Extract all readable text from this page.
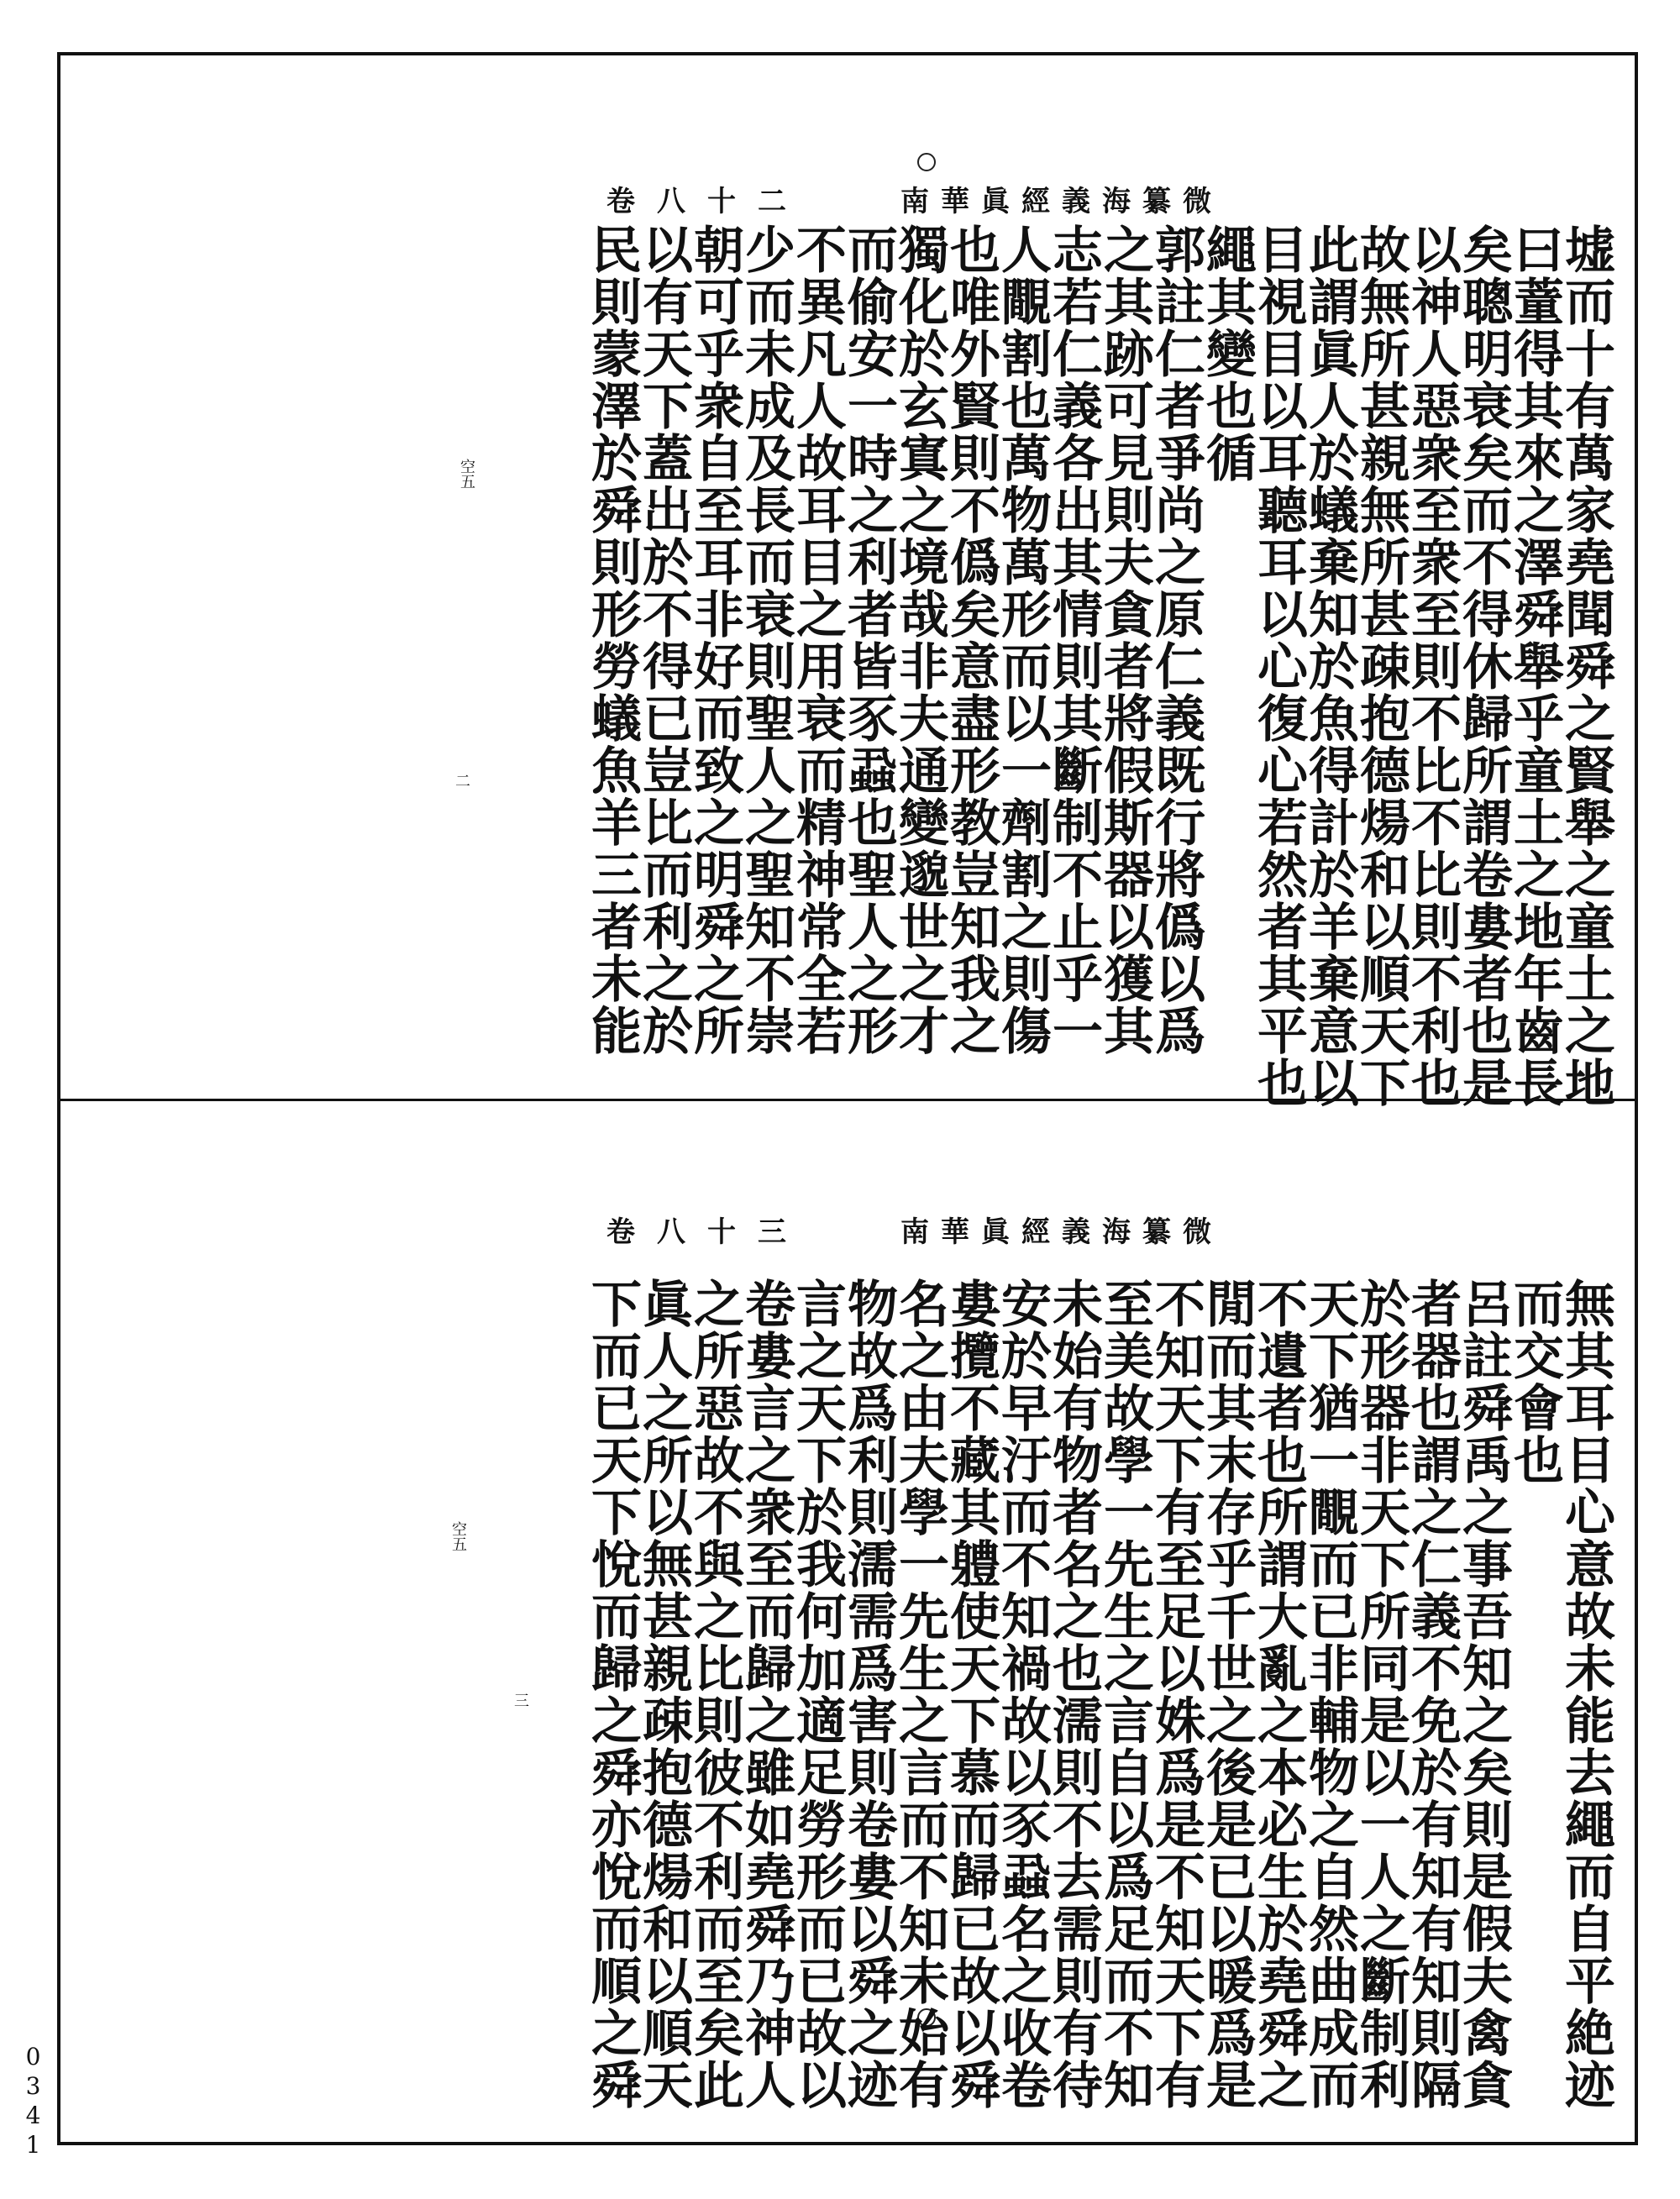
南華眞經義海纂微
卷八十二
墟而十有萬家堯聞舜之賢舉之童土之地
曰蕫得其來之澤舜舉乎童土之地年齒長
矣聰明衰矣而不得休歸所謂卷婁者也是
以神人惡衆至衆至則不比不比則不利也
故無所甚親無所甚疎抱德煬和以順天下
此謂眞人於蟻棄知於魚得計於羊棄意以
目視目以耳聽耳以心復心若然者其平也
繩其變也循
郭註仁者爭尚之原仁義既行將僞以爲
之其跡可見則夫貪者將假斯器以獲其
志若仁義各出其情則其斷制不止乎一
人覸割也萬物萬形而以一劑割之則傷
也唯外賢則不僞矣意盡形教豈知我之
獨化於玄寘之境哉非夫通變邈世之才
而偷安一時之利者皆豕蝨也聖人之形
不異凡人故耳目之用衰而精神常全若
少而未成及長而衰則聖人之聖知不崇
朝可乎衆自至耳非好而致之明舜之所
以有天下蓋出於不得已豈比而利之於
民則蒙澤於舜則形勞蟻魚羊三者未能
空五
二
南華眞經義海纂微
卷八十三
無其耳目心意故未能去繩而自平絶迹
而交會也
呂註舜禹之事吾知之矣則是假夫禽貪
者器也謂之仁義不免於有知有知則隔
於形器非天下所同是以一人之斷制利
天下猶一覸而已非輔物之自然曲成而
不遺者也所謂大亂之本必生於堯舜之
閒而其末存乎千世之後是已以暖爲是
不知天下有至足以姝爲是不知天下有
至美故學一先生之言自以爲足而不知
未始有物者名之也濡則不去需則有待
安於早汙而不知禍故以豕蝨名之收卷
婁攬不藏其軆使天下慕而歸已故以舜
名之由夫學一先生之言而不知未始有
物故爲利則濡需爲害則卷婁以舜之迹
言之天下於我何加適足勞形而已故以
卷婁言之衆至而歸之雖如堯舜乃神人
之所惡故不與之比則彼不利而至矣此
眞人之所以無甚親疎抱德煬和以順天
下而已天下悅而歸之舜亦悅而順之舜
空五
三
0341
